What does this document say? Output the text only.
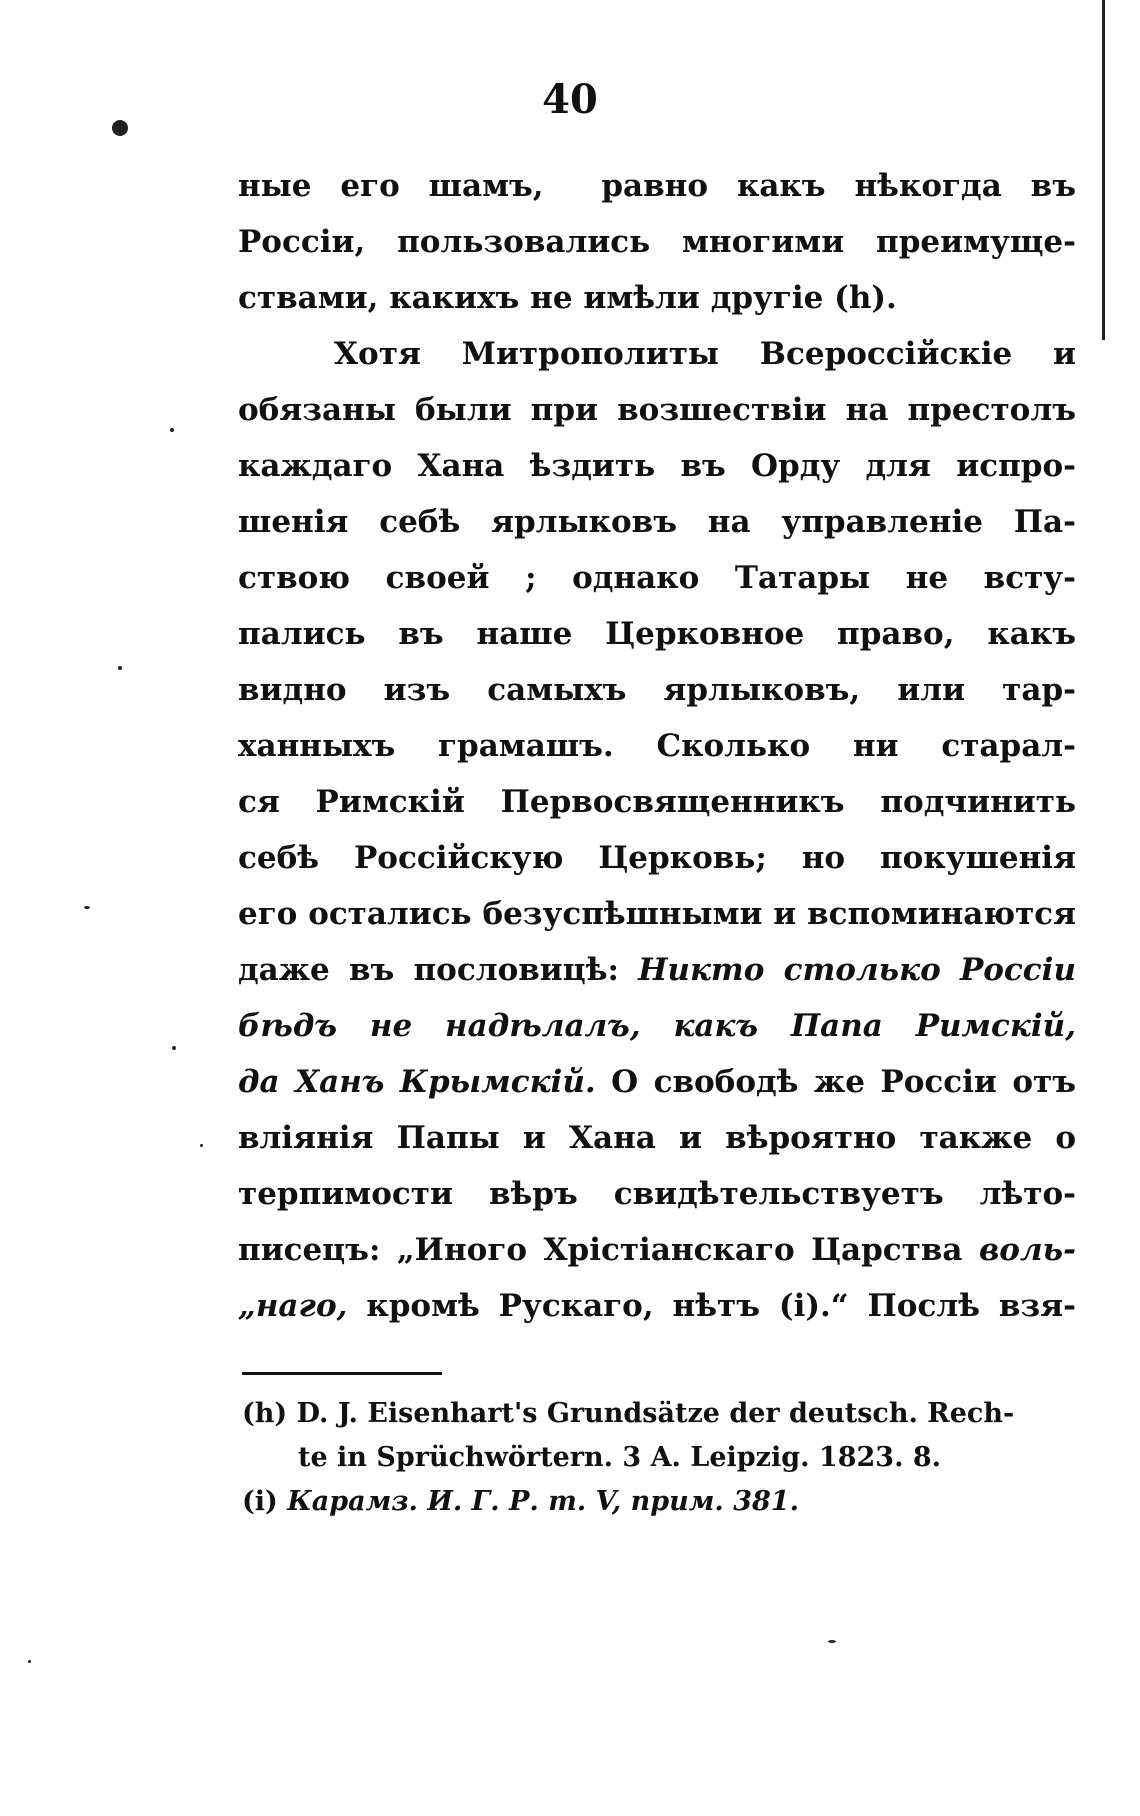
40
ные его шамъ,  равно какъ нѣкогда въ
Россіи, пользовались многими преимуще-
ствами, какихъ не имѣли другіе (h).
Хотя Митрополиты Всероссійскіе и
обязаны были при возшествіи на престолъ
каждаго Хана ѣздить въ Орду для испро-
шенія себѣ ярлыковъ на управленіе Па-
ствою своей ; однако Татары не всту-
пались въ наше Церковное право, какъ
видно изъ самыхъ ярлыковъ, или тар-
ханныхъ грамашъ. Сколько ни старал-
ся Римскій Первосвященникъ подчинить
себѣ Россійскую Церковь; но покушенія
его остались безуспѣшными и вспоминаются
даже въ пословицѣ: Никто столько Россіи
бѣдъ не надѣлалъ, какъ Папа Римскій,
да Ханъ Крымскій. О свободѣ же Россіи отъ
вліянія Папы и Хана и вѣроятно также о
терпимости вѣръ свидѣтельствуетъ лѣто-
писецъ: „Иного Хрістіанскаго Царства воль-
„наго, кромѣ Рускаго, нѣтъ (i).“ Послѣ взя-
(h) D. J. Eisenhart's Grundsätze der deutsch. Rech-
te in Sprüchwörtern. 3 A. Leipzig. 1823. 8.
(i) Карамз. И. Г. Р. т. V, прим. 381.
